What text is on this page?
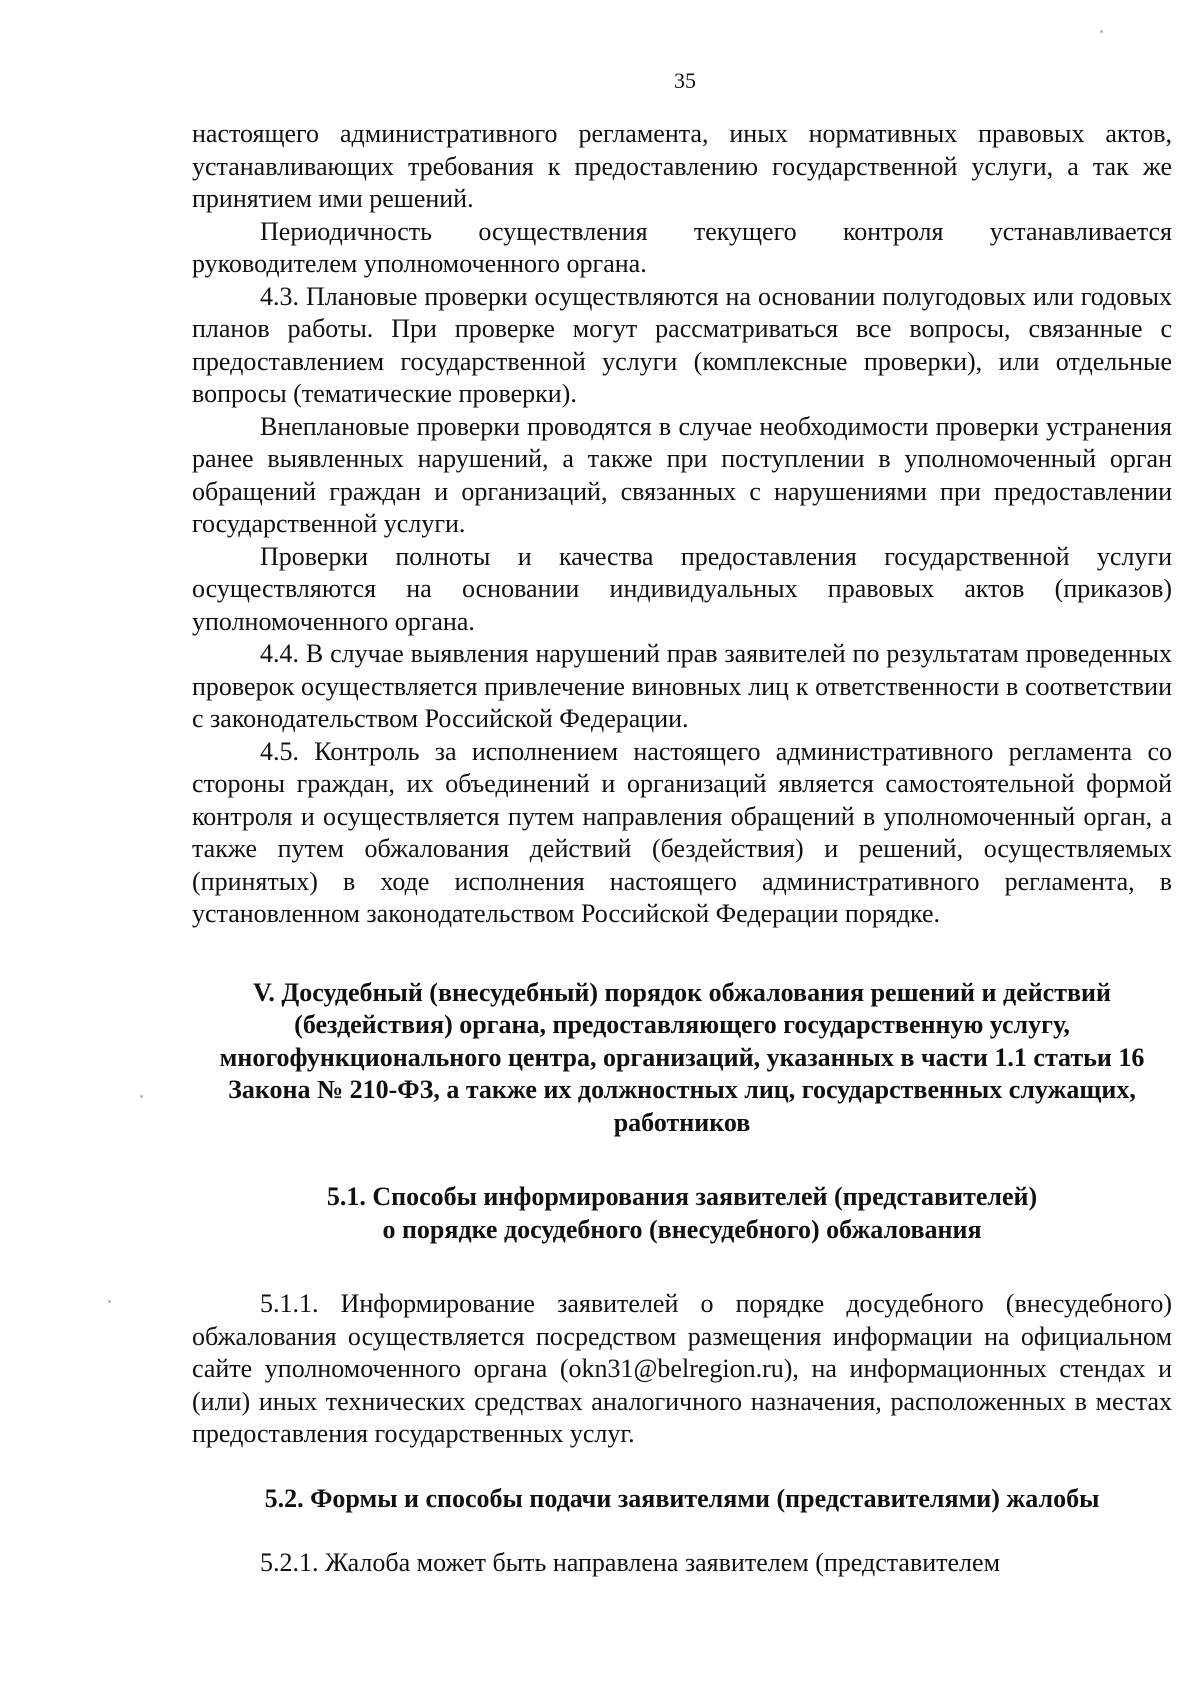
35

настоящего административного регламента, иных нормативных правовых актов, устанавливающих требования к предоставлению государственной услуги, а так же принятием ими решений.

Периодичность осуществления текущего контроля устанавливается руководителем уполномоченного органа.

4.3. Плановые проверки осуществляются на основании полугодовых или годовых планов работы. При проверке могут рассматриваться все вопросы, связанные с предоставлением государственной услуги (комплексные проверки), или отдельные вопросы (тематические проверки).

Внеплановые проверки проводятся в случае необходимости проверки устранения ранее выявленных нарушений, а также при поступлении в уполномоченный орган обращений граждан и организаций, связанных с нарушениями при предоставлении государственной услуги.

Проверки полноты и качества предоставления государственной услуги осуществляются на основании индивидуальных правовых актов (приказов) уполномоченного органа.

4.4. В случае выявления нарушений прав заявителей по результатам проведенных проверок осуществляется привлечение виновных лиц к ответственности в соответствии с законодательством Российской Федерации.

4.5. Контроль за исполнением настоящего административного регламента со стороны граждан, их объединений и организаций является самостоятельной формой контроля и осуществляется путем направления обращений в уполномоченный орган, а также путем обжалования действий (бездействия) и решений, осуществляемых (принятых) в ходе исполнения настоящего административного регламента, в установленном законодательством Российской Федерации порядке.

V. Досудебный (внесудебный) порядок обжалования решений и действий (бездействия) органа, предоставляющего государственную услугу, многофункционального центра, организаций, указанных в части 1.1 статьи 16 Закона № 210-ФЗ, а также их должностных лиц, государственных служащих, работников
5.1. Способы информирования заявителей (представителей)
о порядке досудебного (внесудебного) обжалования

5.1.1. Информирование заявителей о порядке досудебного (внесудебного) обжалования осуществляется посредством размещения информации на официальном сайте уполномоченного органа (okn31@belregion.ru), на информационных стендах и (или) иных технических средствах аналогичного назначения, расположенных в местах предоставления государственных услуг.

5.2. Формы и способы подачи заявителями (представителями) жалобы

5.2.1. Жалоба может быть направлена заявителем (представителем
